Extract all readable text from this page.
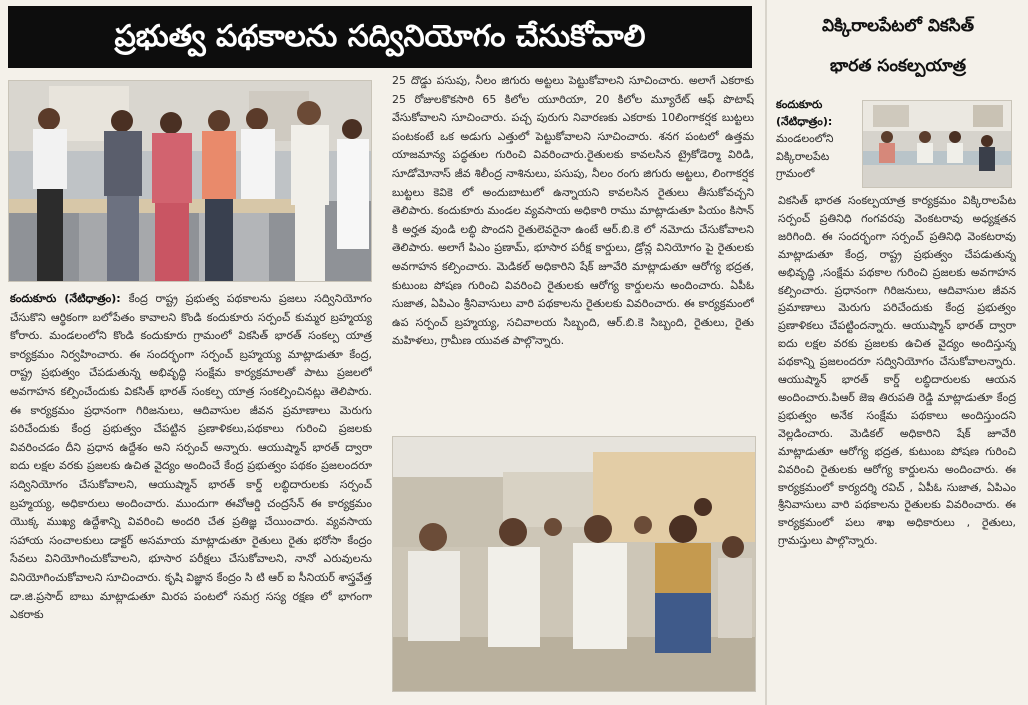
ప్రభుత్వ పథకాలను సద్వినియోగం చేసుకోవాలి
కందుకూరు (నేటిధాత్రం): కేంద్ర రాష్ట్ర ప్రభుత్వ పథకాలను ప్రజలు సద్వినియోగం చేసుకొని ఆర్థికంగా బలోపేతం కావాలని కొండి కందుకూరు సర్పంచ్ కుమ్మర బ్రహ్మయ్య కోరారు. మండలంలోని కొండి కందుకూరు గ్రామంలో వికసిత్ భారత్ సంకల్ప యాత్ర కార్యక్రమం నిర్వహించారు. ఈ సందర్భంగా సర్పంచ్ బ్రహ్మయ్య మాట్లాడుతూ కేంద్ర, రాష్ట్ర ప్రభుత్వం చేపడుతున్న అభివృద్ధి సంక్షేమ కార్యక్రమాలతో పాటు ప్రజలలో అవగాహన కల్పించేందుకు వికసిత్ భారత్ సంకల్ప యాత్ర సంకల్పించినట్లు తెలిపారు. ఈ కార్యక్రమం ప్రధానంగా గిరిజనులు, ఆదివాసుల జీవన ప్రమాణాలు మెరుగు పరిచేందుకు కేంద్ర ప్రభుత్వం చేపట్టిన ప్రణాళికలు,పథకాలు గురించి ప్రజలకు వివరించడం దీని ప్రధాన ఉద్దేశం అని సర్పంచ్ అన్నారు. ఆయుష్మాన్ భారత్ ద్వారా ఐదు లక్షల వరకు ప్రజలకు ఉచిత వైద్యం అందించే కేంద్ర ప్రభుత్వం పథకం ప్రజలందరూ సద్వినియోగం చేసుకోవాలని, ఆయుష్మాన్ భారత్ కార్డ్ లబ్ధిదారులకు సర్పంచ్ బ్రహ్మయ్య, అధికారులు అందించారు. ముందుగా ఈవోఆర్డి చంద్రసేన్ ఈ కార్యక్రమం యొక్క ముఖ్య ఉద్దేశాన్ని వివరించి అందరి చేత ప్రతిజ్ఞ చేయించారు. వ్యవసాయ సహాయ సంచాలకులు డాక్టర్ అసమాయ మాట్లాడుతూ రైతులు రైతు భరోసా కేంద్రం సేవలు వినియోగించుకోవాలని, భూసార పరీక్షలు చేసుకోవాలని, నానో ఎరువులను వినియోగించుకోవాలని సూచించారు. కృషి విజ్ఞాన కేంద్రం సి టి ఆర్ ఐ సీనియర్ శాస్త్రవేత్త డా.జి.ప్రసాద్ బాబు మాట్లాడుతూ మిరప పంటలో సమగ్ర సస్య రక్షణ లో భాగంగా ఎకరాకు
25 దొడ్డు పసుపు, నీలం జిగురు అట్టలు పెట్టుకోవాలని సూచించారు. అలాగే ఎకరాకు 25 రోజులకొకసారి 65 కిలోల యూరియా, 20 కిలోల మ్యూరేట్ ఆఫ్ పొటాష్ వేసుకోవాలని సూచించారు. పచ్చ పురుగు నివారణకు ఎకరాకు 10లింగాకర్షక బుట్టలు పంటకంటే ఒక అడుగు ఎత్తులో పెట్టుకోవాలని సూచించారు. శనగ పంటలో ఉత్తమ యాజమాన్య పద్ధతుల గురించి వివరించారు.రైతులకు కావలసిన ట్రైకోడెర్మా విరిడి, సూడోమోనాస్ జీవ శిలీంద్ర నాశినులు, పసుపు, నీలం రంగు జిగురు అట్టలు, లింగాకర్షక బుట్టలు కెవికె లో అందుబాటులో ఉన్నాయని కావలసిన రైతులు తీసుకోవచ్చని తెలిపారు. కందుకూరు మండల వ్యవసాయ అధికారి రాము మాట్లాడుతూ పియం కిసాన్ కి అర్హత వుండి లబ్ధి పొందని రైతులెవరైనా ఉంటే ఆర్.బి.కె లో నమోదు చేసుకోవాలని తెలిపారు. అలాగే పిఎం ప్రణామ్, భూసార పరీక్ష కార్డులు, డ్రోన్ల వినియోగం పై రైతులకు అవగాహన కల్పించారు. మెడికల్ అధికారిని షేక్ జూవేరి మాట్లాడుతూ ఆరోగ్య భద్రత, కుటుంబ పోషణ గురించి వివరించి రైతులకు ఆరోగ్య కార్డులను అందించారు. ఏపీఓ సుజాత, ఏపిఎం శ్రీనివాసులు వారి పథకాలను రైతులకు వివరించారు. ఈ కార్యక్రమంలో ఉప సర్పంచ్ బ్రహ్మయ్య, సచివాలయ సిబ్బంది, ఆర్.బి.కె సిబ్బంది, రైతులు, రైతు మహిళలు, గ్రామీణ యువత పాల్గొన్నారు.
విక్కిరాలపేటలో వికసిత్
భారత సంకల్పయాత్ర
కందుకూరు
(నేటిధాత్రం):
మండలంలోని విక్కిరాలపేట గ్రామంలో
వికసిత్ భారత సంకల్పయాత్ర కార్యక్రమం విక్కిరాలపేట సర్పంచ్ ప్రతినిధి గంగవరపు వెంకటరావు అధ్యక్షతన జరిగింది. ఈ సందర్భంగా సర్పంచ్ ప్రతినిధి వెంకటరావు మాట్లాడుతూ కేంద్ర, రాష్ట్ర ప్రభుత్వం చేపడుతున్న అభివృద్ధి ,సంక్షేమ పథకాల గురించి ప్రజలకు అవగాహన కల్పించారు. ప్రధానంగా గిరిజనులు, ఆదివాసుల జీవన ప్రమాణాలు మెరుగు పరిచేందుకు కేంద్ర ప్రభుత్వం ప్రణాళికలు చేపట్టిందన్నారు. ఆయుష్మాన్ భారత్ ద్వారా ఐదు లక్షల వరకు ప్రజలకు ఉచిత వైద్యం అందిస్తున్న పథకాన్ని ప్రజలందరూ సద్వినియోగం చేసుకోవాలన్నారు. ఆయుష్మాన్ భారత్ కార్డ్ లబ్ధిదారులకు ఆయన అందించారు.పిఆర్ జెఇ తిరుపతి రెడ్డి మాట్లాడుతూ కేంద్ర ప్రభుత్వం అనేక సంక్షేమ పథకాలు అందిస్తుందని వెల్లడించారు. మెడికల్ అధికారిని షేక్ జూవేరి మాట్లాడుతూ ఆరోగ్య భద్రత, కుటుంబ పోషణ గురించి వివరించి రైతులకు ఆరోగ్య కార్డులను అందించారు. ఈ కార్యక్రమంలో కార్యదర్శి రవిచ్ , ఏపీఓ సుజాత, ఏపిఎం శ్రీనివాసులు వారి పథకాలను రైతులకు వివరించారు. ఈ కార్యక్రమంలో పలు శాఖ అధికారులు , రైతులు, గ్రామస్తులు పాల్గొన్నారు.
